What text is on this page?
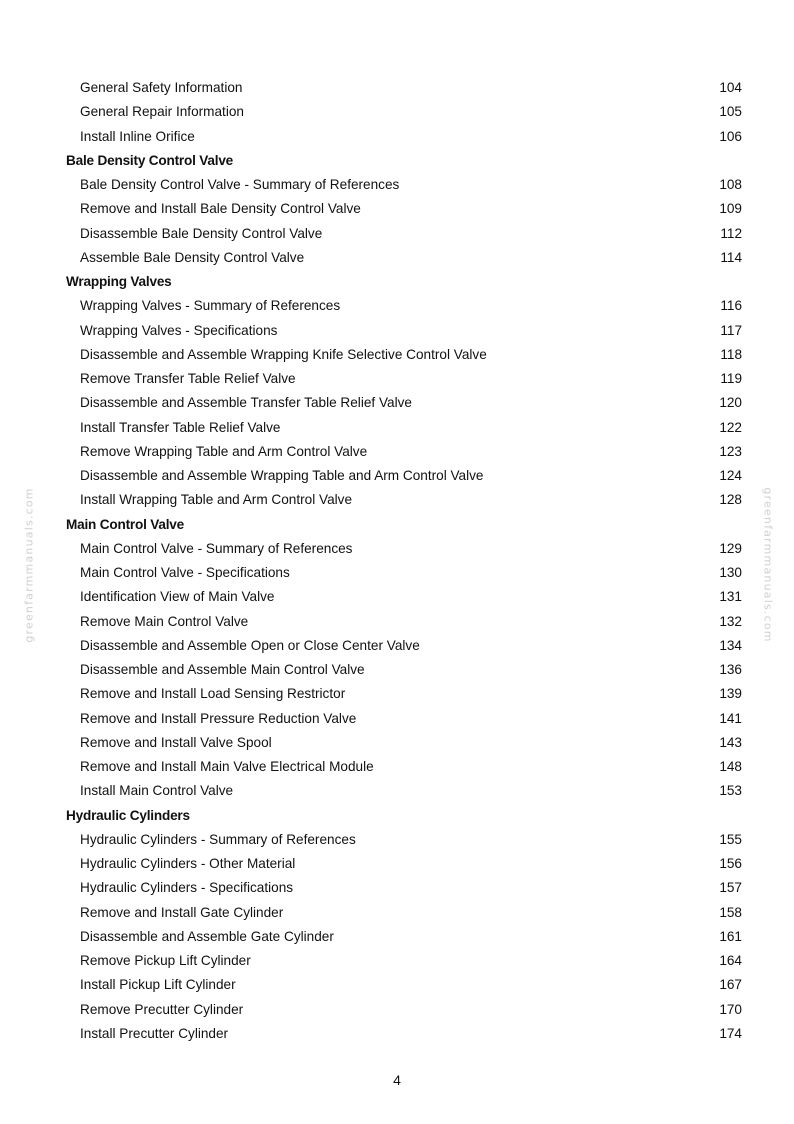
General Safety Information	104
General Repair Information	105
Install Inline Orifice	106
Bale Density Control Valve
Bale Density Control Valve - Summary of References	108
Remove and Install Bale Density Control Valve	109
Disassemble Bale Density Control Valve	112
Assemble Bale Density Control Valve	114
Wrapping Valves
Wrapping Valves - Summary of References	116
Wrapping Valves - Specifications	117
Disassemble and Assemble Wrapping Knife Selective Control Valve	118
Remove Transfer Table Relief Valve	119
Disassemble and Assemble Transfer Table Relief Valve	120
Install Transfer Table Relief Valve	122
Remove Wrapping Table and Arm Control Valve	123
Disassemble and Assemble Wrapping Table and Arm Control Valve	124
Install Wrapping Table and Arm Control Valve	128
Main Control Valve
Main Control Valve - Summary of References	129
Main Control Valve - Specifications	130
Identification View of Main Valve	131
Remove Main Control Valve	132
Disassemble and Assemble Open or Close Center Valve	134
Disassemble and Assemble Main Control Valve	136
Remove and Install Load Sensing Restrictor	139
Remove and Install Pressure Reduction Valve	141
Remove and Install Valve Spool	143
Remove and Install Main Valve Electrical Module	148
Install Main Control Valve	153
Hydraulic Cylinders
Hydraulic Cylinders - Summary of References	155
Hydraulic Cylinders - Other Material	156
Hydraulic Cylinders - Specifications	157
Remove and Install Gate Cylinder	158
Disassemble and Assemble Gate Cylinder	161
Remove Pickup Lift Cylinder	164
Install Pickup Lift Cylinder	167
Remove Precutter Cylinder	170
Install Precutter Cylinder	174
4
greenfarmmanuals.com	greenfarmmanuals.com
